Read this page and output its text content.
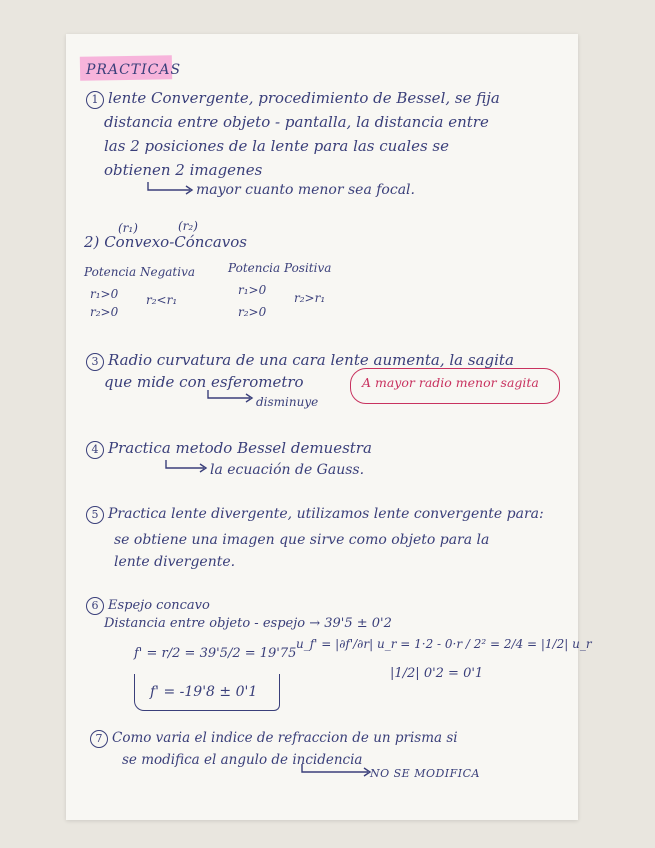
PRACTICAS
1 lente Convergente, procedimiento de Bessel, se fija
distancia entre objeto - pantalla, la distancia entre
las 2 posiciones de la lente para las cuales se
obtienen 2 imagenes
mayor cuanto menor sea focal.
(r₁)	(r₂)
2) Convexo-Cóncavos
Potencia Negativa	Potencia Positiva
r₁>0
r₂>0
r₂<r₁
r₁>0
r₂>0
r₂>r₁
3 Radio curvatura de una cara lente aumenta, la sagita
que mide con esferometro
disminuye
A mayor radio menor sagita
4 Practica metodo Bessel demuestra
la ecuación de Gauss.
5 Practica lente divergente, utilizamos lente convergente para:
se obtiene una imagen que sirve como objeto para la
lente divergente.
6 Espejo concavo
Distancia entre objeto - espejo → 39'5 ± 0'2
f' = r/2 = 39'5/2 = 19'75
u_f' = |∂f'/∂r| u_r = 1·2 - 0·r / 2² = 2/4 = |1/2| u_r
|1/2| 0'2 = 0'1
f' = -19'8 ± 0'1
7 Como varia el indice de refraccion de un prisma si
se modifica el angulo de incidencia
NO SE MODIFICA
